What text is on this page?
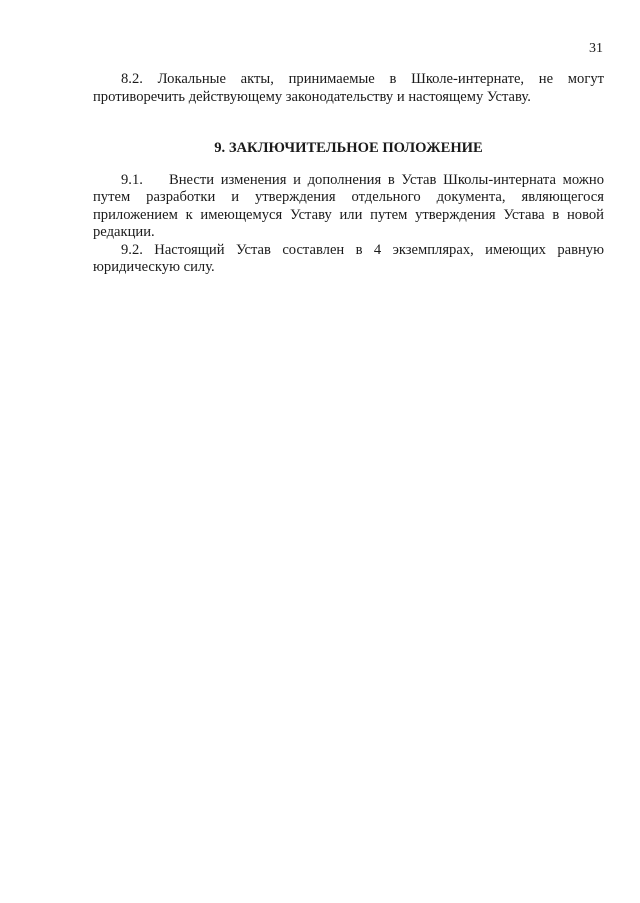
31

8.2. Локальные акты, принимаемые в Школе-интернате, не могут противоречить действующему законодательству и настоящему Уставу.

9. ЗАКЛЮЧИТЕЛЬНОЕ ПОЛОЖЕНИЕ

9.1. Внести изменения и дополнения в Устав Школы-интерната можно путем разработки и утверждения отдельного документа, являющегося приложением к имеющемуся Уставу или путем утверждения Устава в новой редакции.

9.2. Настоящий Устав составлен в 4 экземплярах, имеющих равную юридическую силу.
